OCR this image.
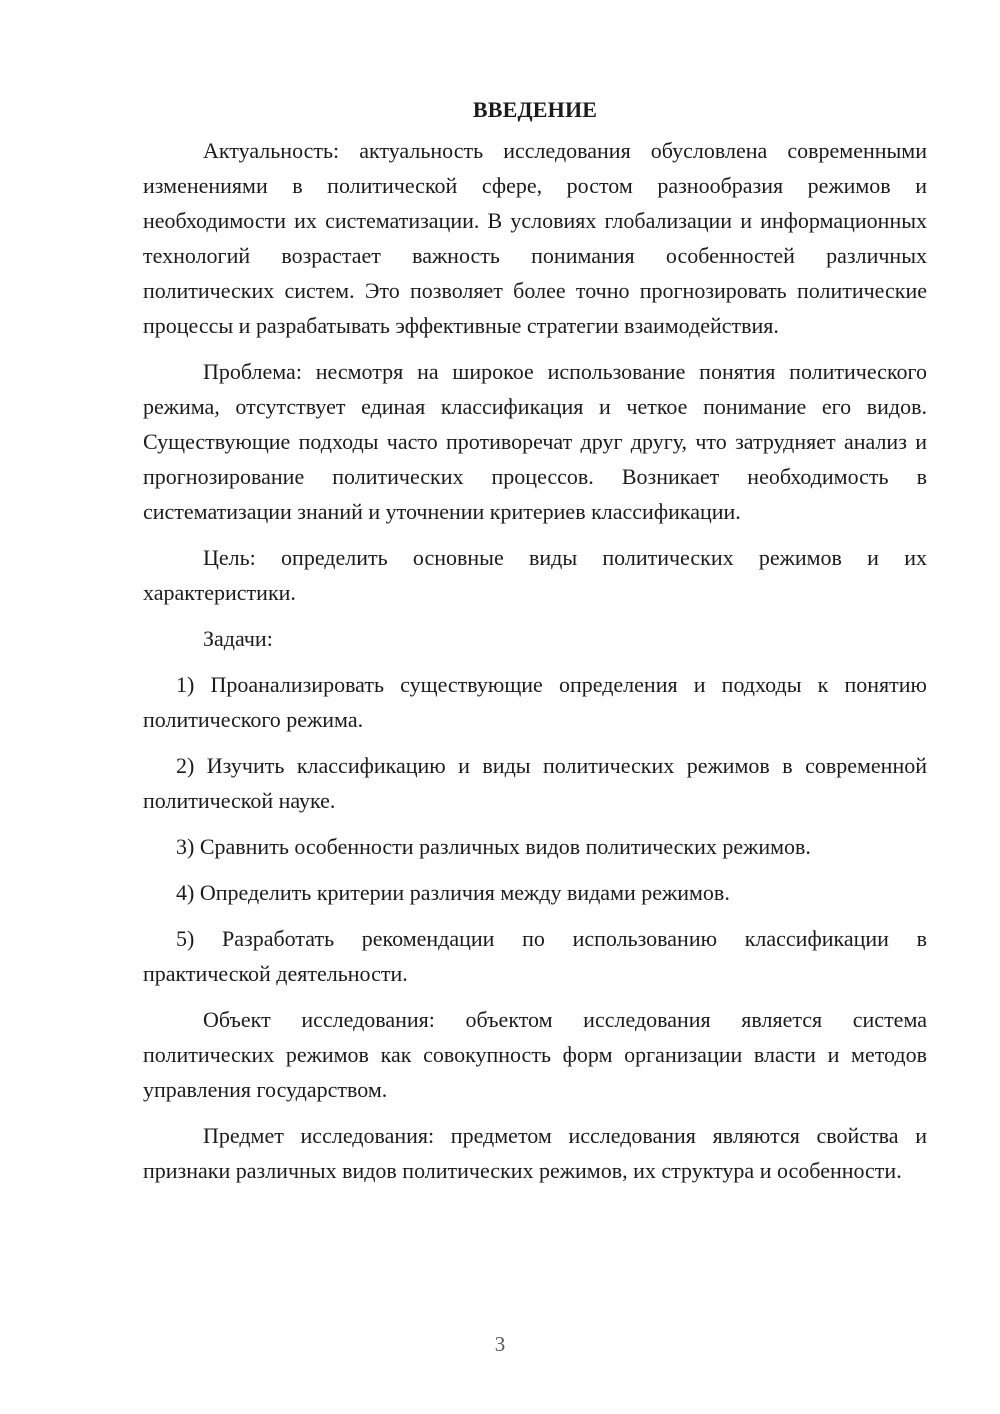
ВВЕДЕНИЕ

Актуальность: актуальность исследования обусловлена современными изменениями в политической сфере, ростом разнообразия режимов и необходимости их систематизации. В условиях глобализации и информационных технологий возрастает важность понимания особенностей различных политических систем. Это позволяет более точно прогнозировать политические процессы и разрабатывать эффективные стратегии взаимодействия.

Проблема: несмотря на широкое использование понятия политического режима, отсутствует единая классификация и четкое понимание его видов. Существующие подходы часто противоречат друг другу, что затрудняет анализ и прогнозирование политических процессов. Возникает необходимость в систематизации знаний и уточнении критериев классификации.

Цель: определить основные виды политических режимов и их характеристики.

Задачи:

1) Проанализировать существующие определения и подходы к понятию политического режима.

2) Изучить классификацию и виды политических режимов в современной политической науке.

3) Сравнить особенности различных видов политических режимов.

4) Определить критерии различия между видами режимов.

5) Разработать рекомендации по использованию классификации в практической деятельности.

Объект исследования: объектом исследования является система политических режимов как совокупность форм организации власти и методов управления государством.

Предмет исследования: предметом исследования являются свойства и признаки различных видов политических режимов, их структура и особенности.

3
